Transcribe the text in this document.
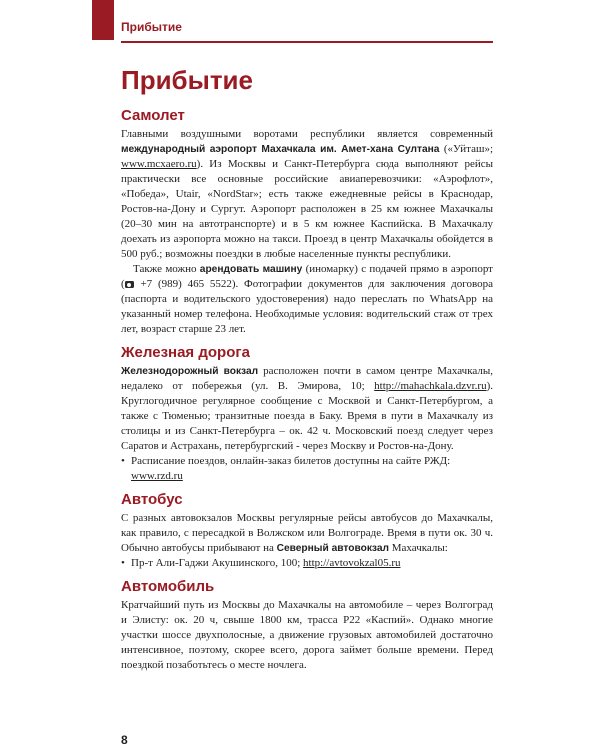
Прибытие
Прибытие
Самолет

Главными воздушными воротами республики является современный международный аэропорт Махачкала им. Амет-хана Султана («Уйташ»; www.mcxaero.ru). Из Москвы и Санкт-Петербурга сюда выполняют рейсы практически все основные российские авиаперевозчики: «Аэрофлот», «Победа», Utair, «NordStar»; есть также ежедневные рейсы в Краснодар, Ростов-на-Дону и Сургут. Аэропорт расположен в 25 км южнее Махачкалы (20–30 мин на автотранспорте) и в 5 км южнее Каспийска. В Махачкалу доехать из аэропорта можно на такси. Проезд в центр Махачкалы обойдется в 500 руб.; возможны поездки в любые населенные пункты республики.

Также можно арендовать машину (иномарку) с подачей прямо в аэропорт ( +7 (989) 465 5522). Фотографии документов для заключения договора (паспорта и водительского удостоверения) надо переслать по WhatsApp на указанный номер телефона. Необходимые условия: водительский стаж от трех лет, возраст старше 23 лет.

Железная дорога

Железнодорожный вокзал расположен почти в самом центре Махачкалы, недалеко от побережья (ул. В. Эмирова, 10; http://mahachkala.dzvr.ru). Круглогодичное регулярное сообщение с Москвой и Санкт-Петербургом, а также с Тюменью; транзитные поезда в Баку. Время в пути в Махачкалу из столицы и из Санкт-Петербурга – ок. 42 ч. Московский поезд следует через Саратов и Астрахань, петербургский - через Москву и Ростов-на-Дону.

• Расписание поездов, онлайн-заказ билетов доступны на сайте РЖД: www.rzd.ru
Автобус

С разных автовокзалов Москвы регулярные рейсы автобусов до Махачкалы, как правило, с пересадкой в Волжском или Волгограде. Время в пути ок. 30 ч. Обычно автобусы прибывают на Северный автовокзал Махачкалы:

• Пр-т Али-Гаджи Акушинского, 100; http://avtovokzal05.ru
Автомобиль

Кратчайший путь из Москвы до Махачкалы на автомобиле – через Волгоград и Элисту: ок. 20 ч, свыше 1800 км, трасса Р22 «Каспий». Однако многие участки шоссе двухполосные, а движение грузовых автомобилей достаточно интенсивное, поэтому, скорее всего, дорога займет больше времени. Перед поездкой позаботьтесь о месте ночлега.

8
